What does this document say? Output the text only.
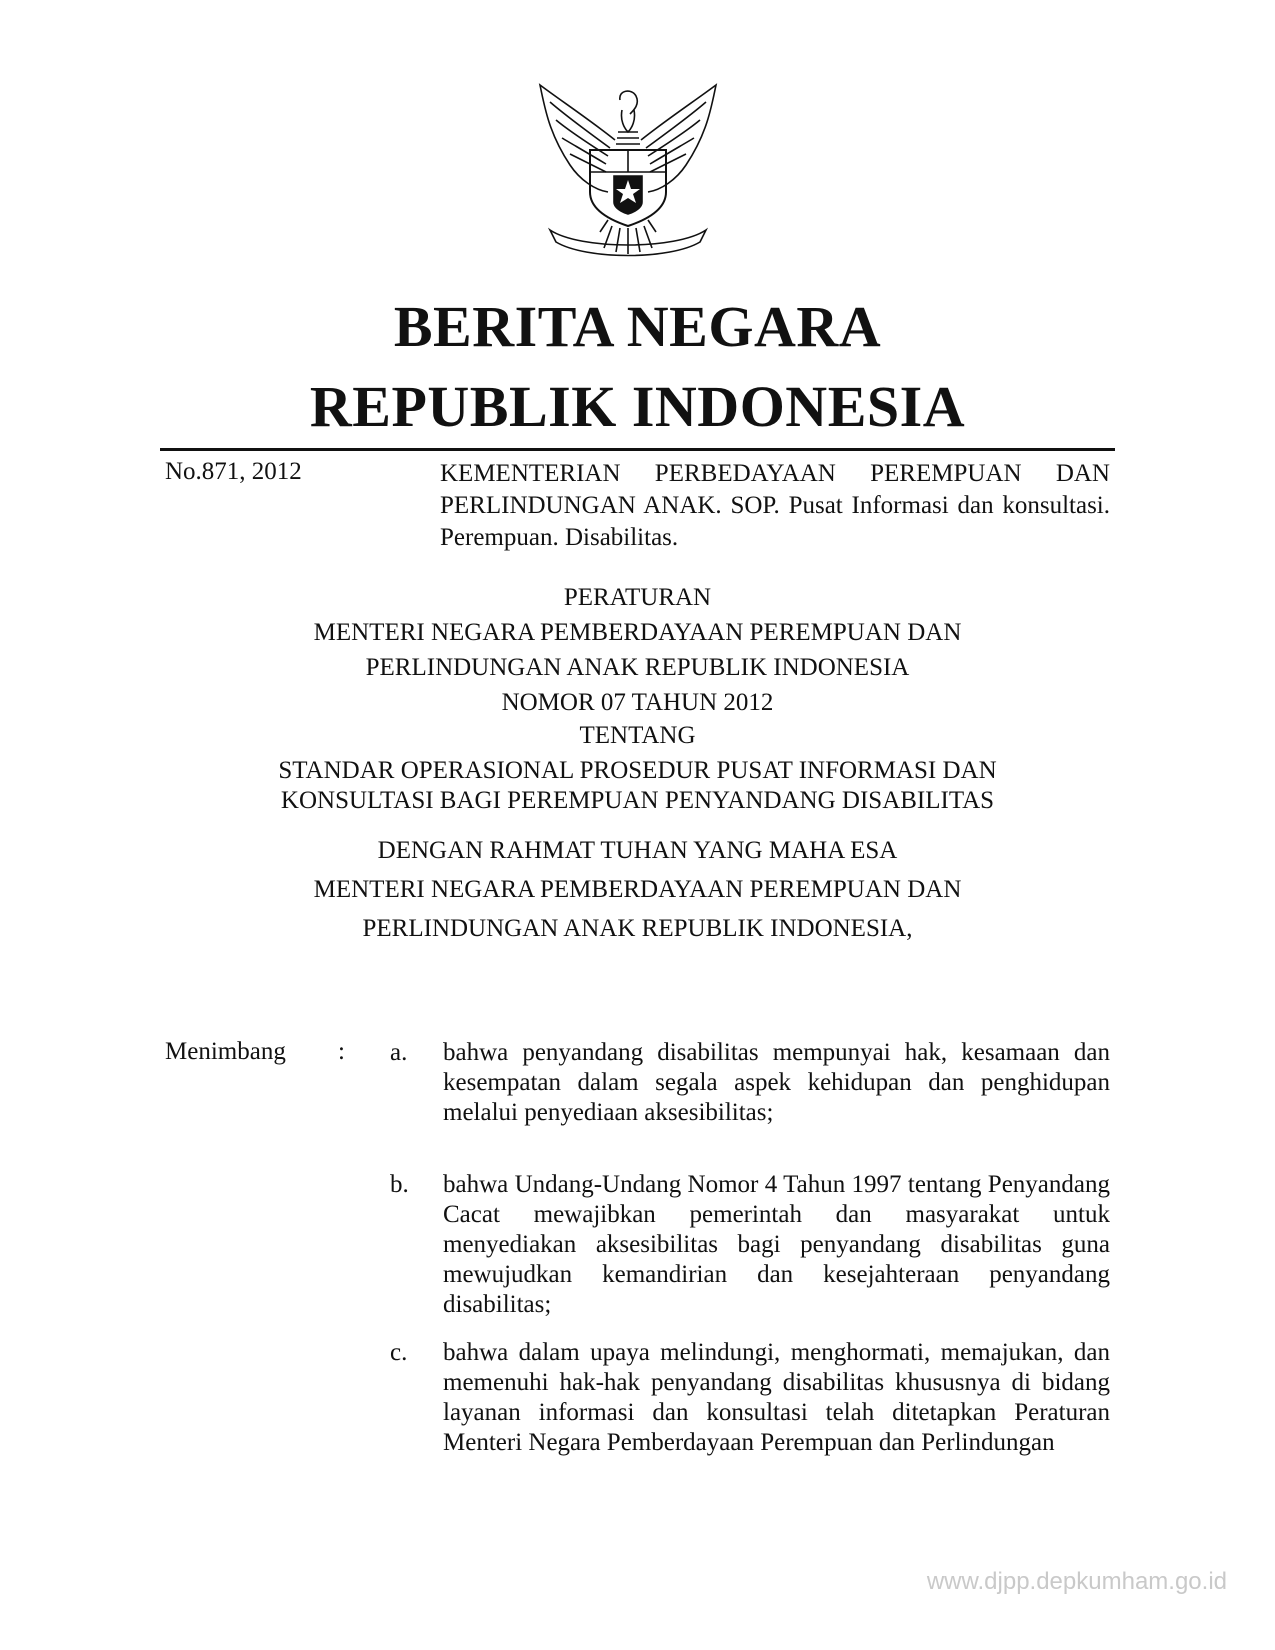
BERITA NEGARA
REPUBLIK INDONESIA
No.871, 2012	KEMENTERIAN PERBEDAYAAN PEREMPUAN DAN PERLINDUNGAN ANAK. SOP. Pusat Informasi dan konsultasi. Perempuan. Disabilitas.
PERATURAN
MENTERI NEGARA PEMBERDAYAAN PEREMPUAN DAN
PERLINDUNGAN ANAK REPUBLIK INDONESIA
NOMOR 07 TAHUN 2012
TENTANG
STANDAR OPERASIONAL PROSEDUR PUSAT INFORMASI DAN
KONSULTASI BAGI PEREMPUAN PENYANDANG DISABILITAS
DENGAN RAHMAT TUHAN YANG MAHA ESA
MENTERI NEGARA PEMBERDAYAAN PEREMPUAN DAN
PERLINDUNGAN ANAK REPUBLIK INDONESIA,
Menimbang : a. bahwa penyandang disabilitas mempunyai hak, kesamaan dan kesempatan dalam segala aspek kehidupan dan penghidupan melalui penyediaan aksesibilitas;
b. bahwa Undang-Undang Nomor 4 Tahun 1997 tentang Penyandang Cacat mewajibkan pemerintah dan masyarakat untuk menyediakan aksesibilitas bagi penyandang disabilitas guna mewujudkan kemandirian dan kesejahteraan penyandang disabilitas;
c. bahwa dalam upaya melindungi, menghormati, memajukan, dan memenuhi hak-hak penyandang disabilitas khususnya di bidang layanan informasi dan konsultasi telah ditetapkan Peraturan Menteri Negara Pemberdayaan Perempuan dan Perlindungan
www.djpp.depkumham.go.id
